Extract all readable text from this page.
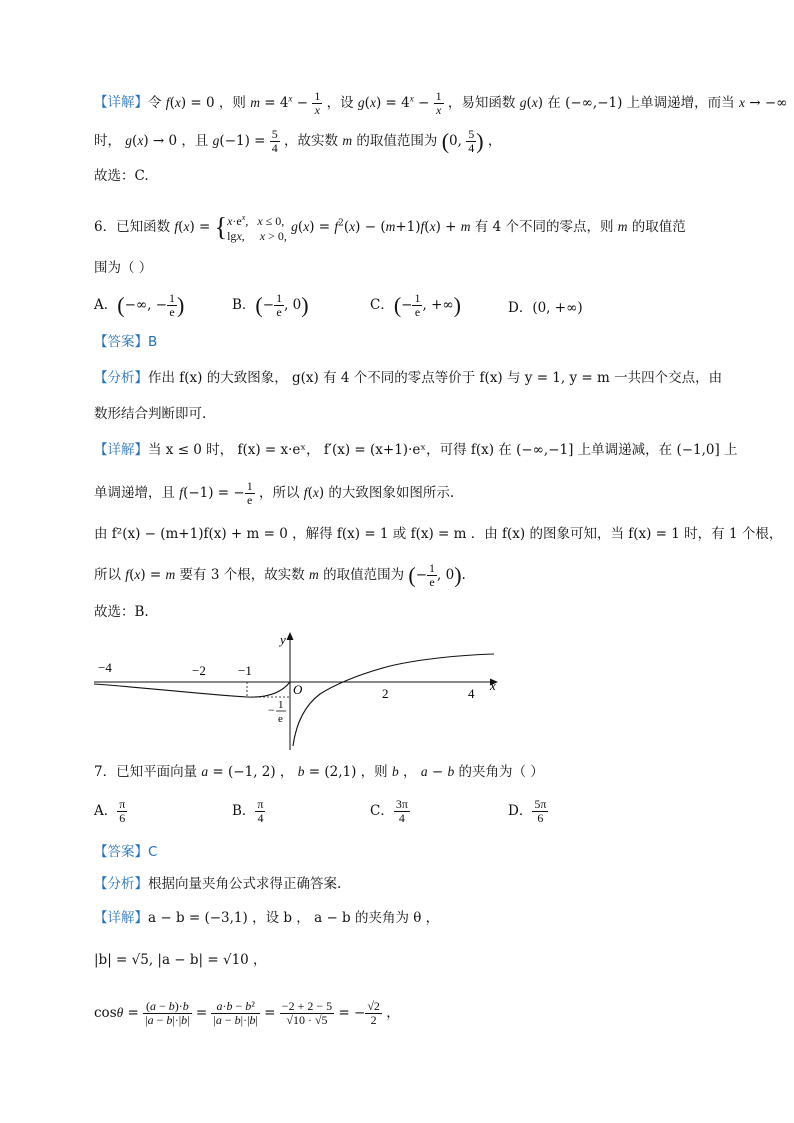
【详解】令 f(x) = 0 ，则 $m = 4^x - \frac{1}{x}$ ，设 $g(x) = 4^x - \frac{1}{x}$ ，易知函数 g(x) 在 (−∞,−1) 上单调递增，而当 x → −∞
时， g(x) → 0 ，且 $g(-1) = \frac{5}{4}$ ，故实数 m 的取值范围为 (0, $\frac{5}{4}$ ) ，
故选：C.
6．已知函数 $f(x) = \{x\cdot e^x$,   x ≤ 0,
lgx,     x > 0, $g(x) = f^2(x) - (m+1)f(x) + m$ 有 4 个不同的零点，则 m 的取值范
围为（ ）
A．(−∞, − $\frac{1}{e}$ )	B．(− $\frac{1}{e}$ , 0)	C．(− $\frac{1}{e}$ , +∞)	D．(0, +∞)
【答案】B
【分析】作出 f(x) 的大致图象， g(x) 有 4 个不同的零点等价于 f(x) 与 y = 1, y = m 一共四个交点，由
数形结合判断即可.
【详解】当 x ≤ 0 时， f(x) = x·eˣ， f′(x) = (x+1)·eˣ，可得 f(x) 在 (−∞,−1] 上单调递减，在 (−1,0] 上
单调递增，且 f(−1) = − $\frac{1}{e}$ ，所以 f(x) 的大致图象如图所示.
由 f²(x) − (m+1)f(x) + m = 0 ，解得 f(x) = 1 或 f(x) = m ．由 f(x) 的图象可知，当 f(x) = 1 时，有 1 个根，
所以 f(x) = m 要有 3 个根，故实数 m 的取值范围为 (− $\frac{1}{e}$ , 0).
故选：B.
y
x
O
−4	−2 −1
2	4
− 1
e
7．已知平面向量 a = (−1, 2) ， b = (2,1) ，则 b ， a − b 的夹角为（ ）
A． $\frac{\pi}{6}$	B． $\frac{\pi}{4}$	C． $\frac{3\pi}{4}$	D． $\frac{5\pi}{6}$
【答案】C
【分析】根据向量夹角公式求得正确答案.
【详解】a − b = (−3,1) ，设 b ， a − b 的夹角为 θ ，
|b| = √5, |a − b| = √10 ，
$\cos\theta = \frac{(a - b)\cdot b}{|a - b|\cdot|b|} = \frac{\text{a·b − b²}}{|a - b|\cdot|b|} = \frac{-2 + 2 - 5}{√10 \cdot √5}$ = − $\frac{√2}{2}$ ，
